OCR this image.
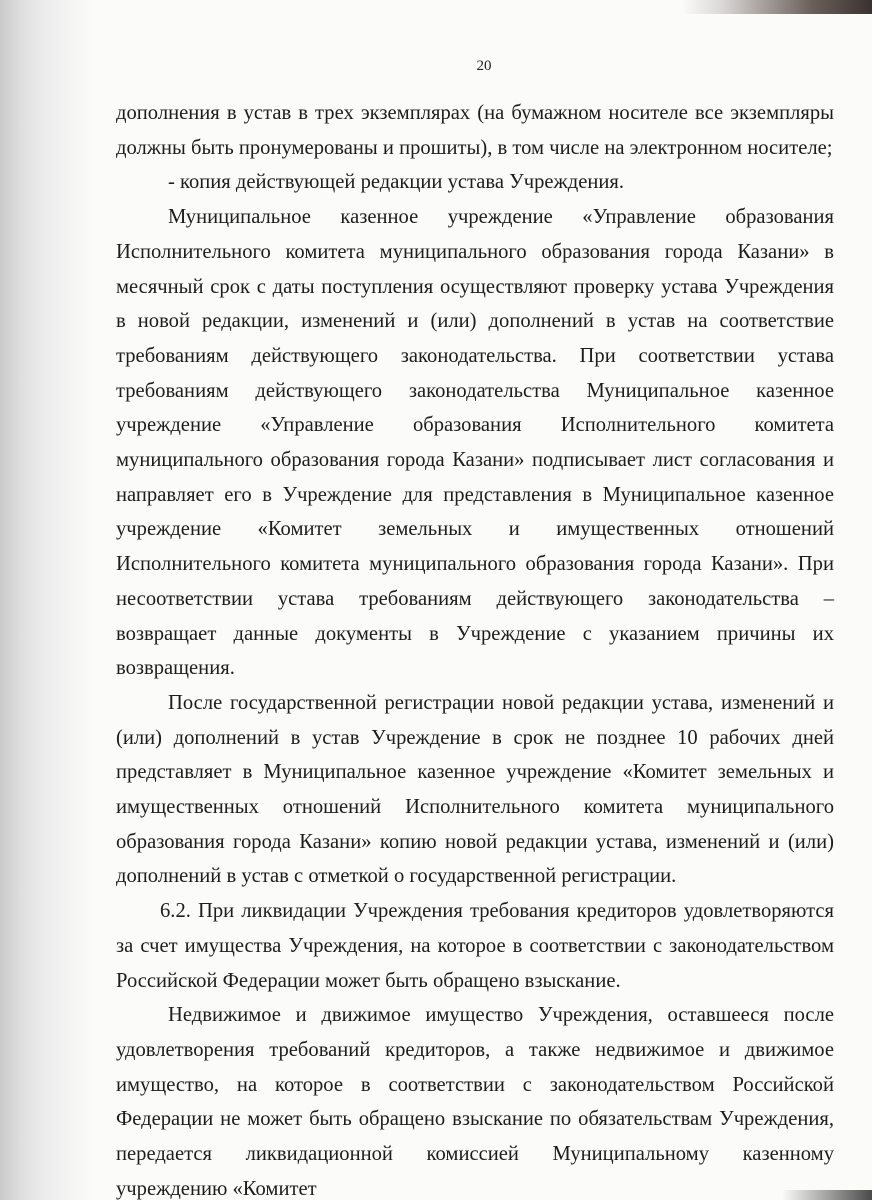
20

дополнения в устав в трех экземплярах (на бумажном носителе все экземпляры должны быть пронумерованы и прошиты), в том числе на электронном носителе;

- копия действующей редакции устава Учреждения.

Муниципальное казенное учреждение «Управление образования Исполнительного комитета муниципального образования города Казани» в месячный срок с даты поступления осуществляют проверку устава Учреждения в новой редакции, изменений и (или) дополнений в устав на соответствие требованиям действующего законодательства. При соответствии устава требованиям действующего законодательства Муниципальное казенное учреждение «Управление образования Исполнительного комитета муниципального образования города Казани» подписывает лист согласования и направляет его в Учреждение для представления в Муниципальное казенное учреждение «Комитет земельных и имущественных отношений Исполнительного комитета муниципального образования города Казани». При несоответствии устава требованиям действующего законодательства – возвращает данные документы в Учреждение с указанием причины их возвращения.

После государственной регистрации новой редакции устава, изменений и (или) дополнений в устав Учреждение в срок не позднее 10 рабочих дней представляет в Муниципальное казенное учреждение «Комитет земельных и имущественных отношений Исполнительного комитета муниципального образования города Казани» копию новой редакции устава, изменений и (или) дополнений в устав с отметкой о государственной регистрации.

6.2. При ликвидации Учреждения требования кредиторов удовлетворяются за счет имущества Учреждения, на которое в соответствии с законодательством Российской Федерации может быть обращено взыскание.

Недвижимое и движимое имущество Учреждения, оставшееся после удовлетворения требований кредиторов, а также недвижимое и движимое имущество, на которое в соответствии с законодательством Российской Федерации не может быть обращено взыскание по обязательствам Учреждения, передается ликвидационной комиссией Муниципальному казенному учреждению «Комитет
